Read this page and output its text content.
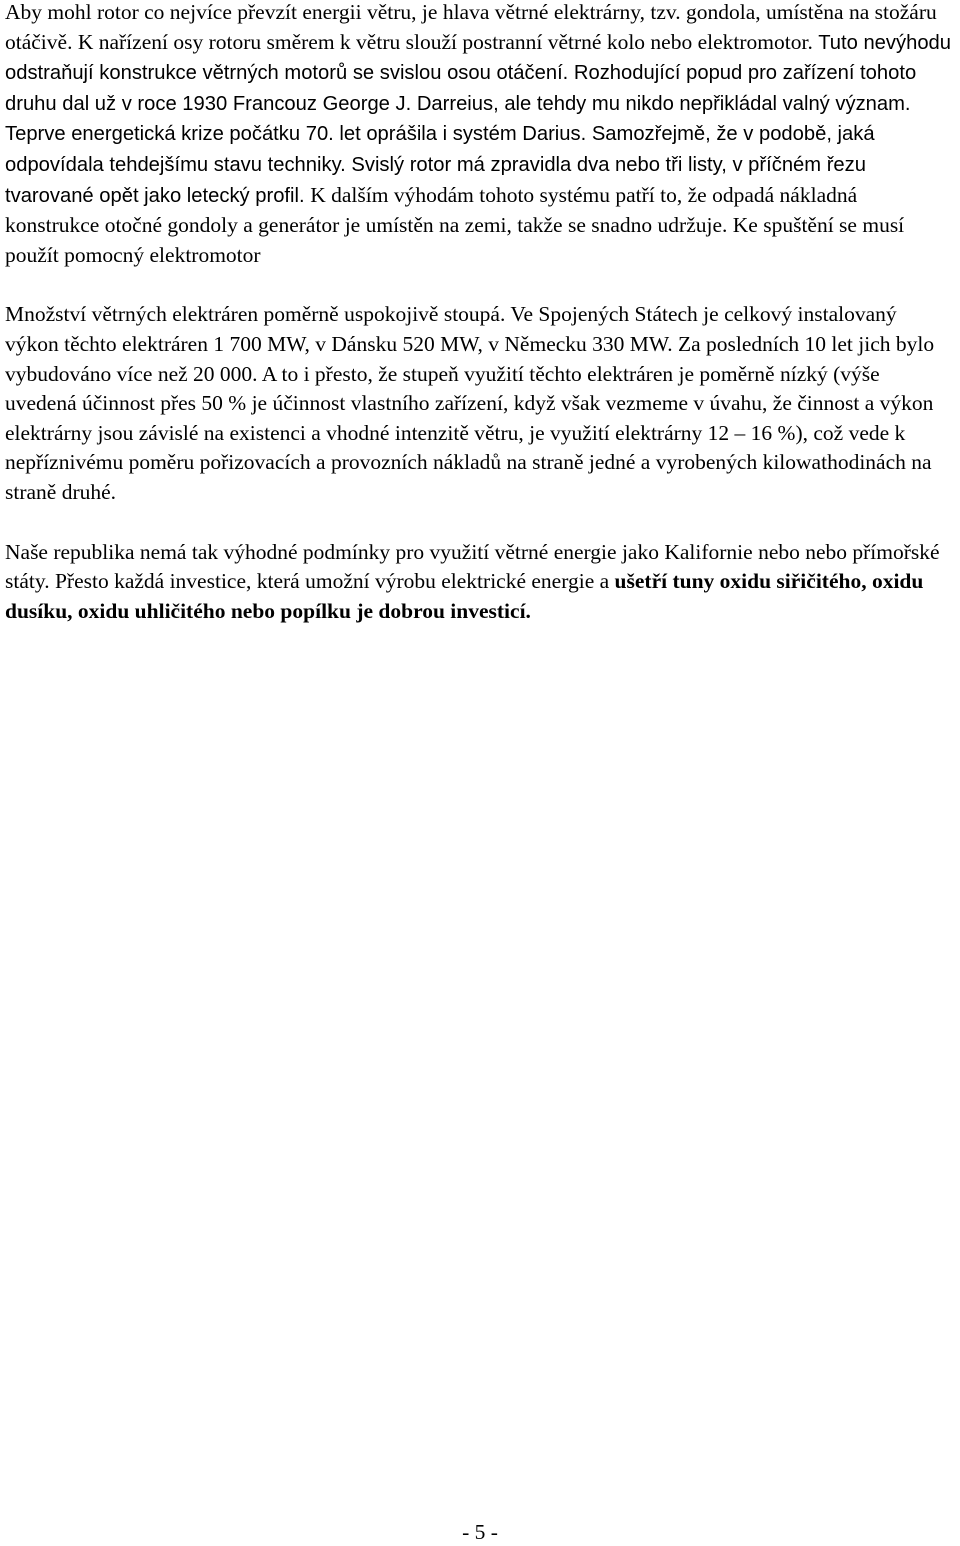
Aby mohl rotor co nejvíce převzít energii větru, je hlava větrné elektrárny, tzv. gondola, umístěna na stožáru otáčivě. K nařízení osy rotoru směrem k větru slouží postranní větrné kolo nebo elektromotor. Tuto nevýhodu odstraňují konstrukce větrných motorů se svislou osou otáčení. Rozhodující popud pro zařízení tohoto druhu dal už v roce 1930 Francouz George J. Darreius, ale tehdy mu nikdo nepřikládal valný význam. Teprve energetická krize počátku 70. let oprášila i systém Darius. Samozřejmě, že v podobě, jaká odpovídala tehdejšímu stavu techniky. Svislý rotor má zpravidla dva nebo tři listy, v příčném řezu tvarované opět jako letecký profil. K dalším výhodám tohoto systému patří to, že odpadá nákladná konstrukce otočné gondoly a generátor je umístěn na zemi, takže se snadno udržuje. Ke spuštění se musí použít pomocný elektromotor

Množství větrných elektráren poměrně uspokojivě stoupá. Ve Spojených Státech je celkový instalovaný výkon těchto elektráren 1 700 MW, v Dánsku 520 MW, v Německu 330 MW. Za posledních 10 let jich bylo vybudováno více než 20 000. A to i přesto, že stupeň využití těchto elektráren je poměrně nízký (výše uvedená účinnost přes 50 % je účinnost vlastního zařízení, když však vezmeme v úvahu, že činnost a výkon elektrárny jsou závislé na existenci a vhodné intenzitě větru, je využití elektrárny 12 – 16 %), což vede k nepříznivému poměru pořizovacích a provozních nákladů na straně jedné a vyrobených kilowathodinách na straně druhé.

Naše republika nemá tak výhodné podmínky pro využití větrné energie jako Kalifornie nebo nebo přímořské státy. Přesto každá investice, která umožní výrobu elektrické energie a ušetří tuny oxidu siřičitého, oxidu dusíku, oxidu uhličitého nebo popílku je dobrou investicí.

- 5 -
